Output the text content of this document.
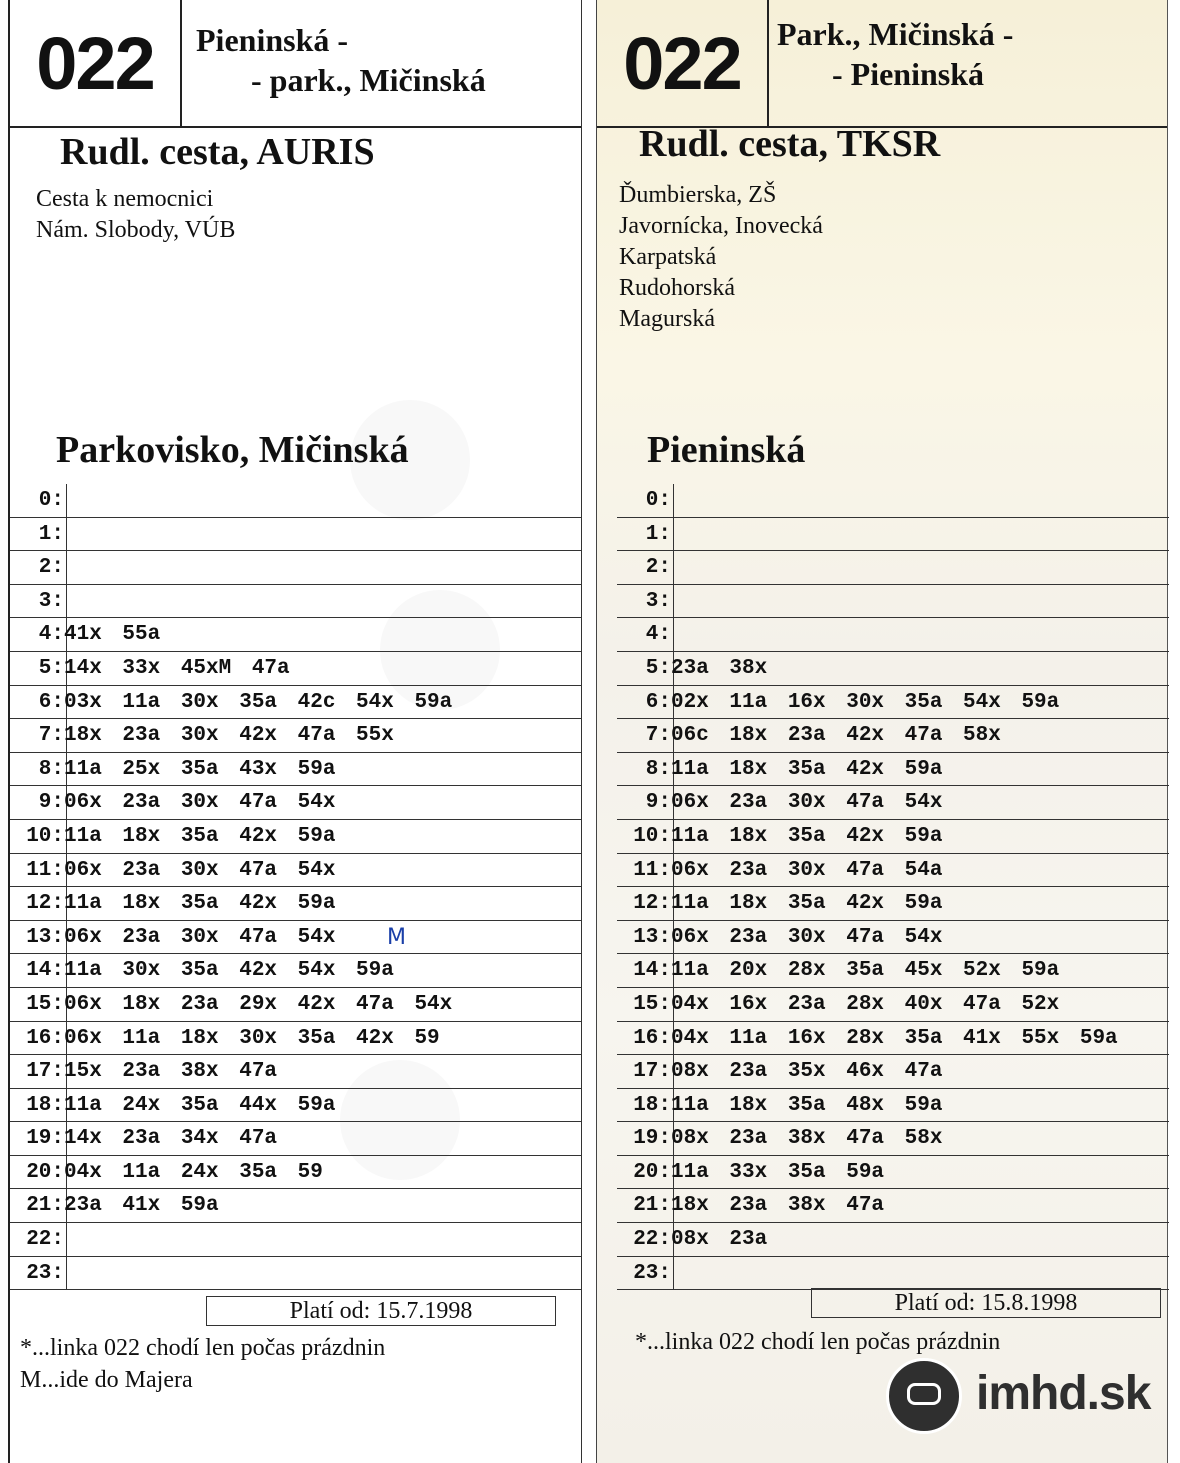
022	Pieninská -
- park., Mičinská
Rudl. cesta, AURIS
Cesta k nemocnici
Nám. Slobody, VÚB
Parkovisko, Mičinská
0:
1:
2:
3:
4: 41x 55a
5: 14x 33x 45xM 47a
6: 03x 11a 30x 35a 42c 54x 59a
7: 18x 23a 30x 42x 47a 55x
8: 11a 25x 35a 43x 59a
9: 06x 23a 30x 47a 54x
10: 11a 18x 35a 42x 59a
11: 06x 23a 30x 47a 54x
12: 11a 18x 35a 42x 59a
13: 06x 23a 30x 47a 54x
14: 11a 30x 35a 42x 54x 59a
15: 06x 18x 23a 29x 42x 47a 54x
16: 06x 11a 18x 30x 35a 42x 59
17: 15x 23a 38x 47a
18: 11a 24x 35a 44x 59a
19: 14x 23a 34x 47a
20: 04x 11a 24x 35a 59
21: 23a 41x 59a
22:
23:
M
Platí od: 15.7.1998
*...linka 022 chodí len počas prázdnin
M...ide do Majera
022	Park., Mičinská -
- Pieninská
Rudl. cesta, TKSR
Ďumbierska, ZŠ
Javornícka, Inovecká
Karpatská
Rudohorská
Magurská
Pieninská
0:
1:
2:
3:
4:
5: 23a 38x
6: 02x 11a 16x 30x 35a 54x 59a
7: 06c 18x 23a 42x 47a 58x
8: 11a 18x 35a 42x 59a
9: 06x 23a 30x 47a 54x
10: 11a 18x 35a 42x 59a
11: 06x 23a 30x 47a 54a
12: 11a 18x 35a 42x 59a
13: 06x 23a 30x 47a 54x
14: 11a 20x 28x 35a 45x 52x 59a
15: 04x 16x 23a 28x 40x 47a 52x
16: 04x 11a 16x 28x 35a 41x 55x 59a
17: 08x 23a 35x 46x 47a
18: 11a 18x 35a 48x 59a
19: 08x 23a 38x 47a 58x
20: 11a 33x 35a 59a
21: 18x 23a 38x 47a
22: 08x 23a
23:
Platí od: 15.8.1998
*...linka 022 chodí len počas prázdnin
imhd.sk
